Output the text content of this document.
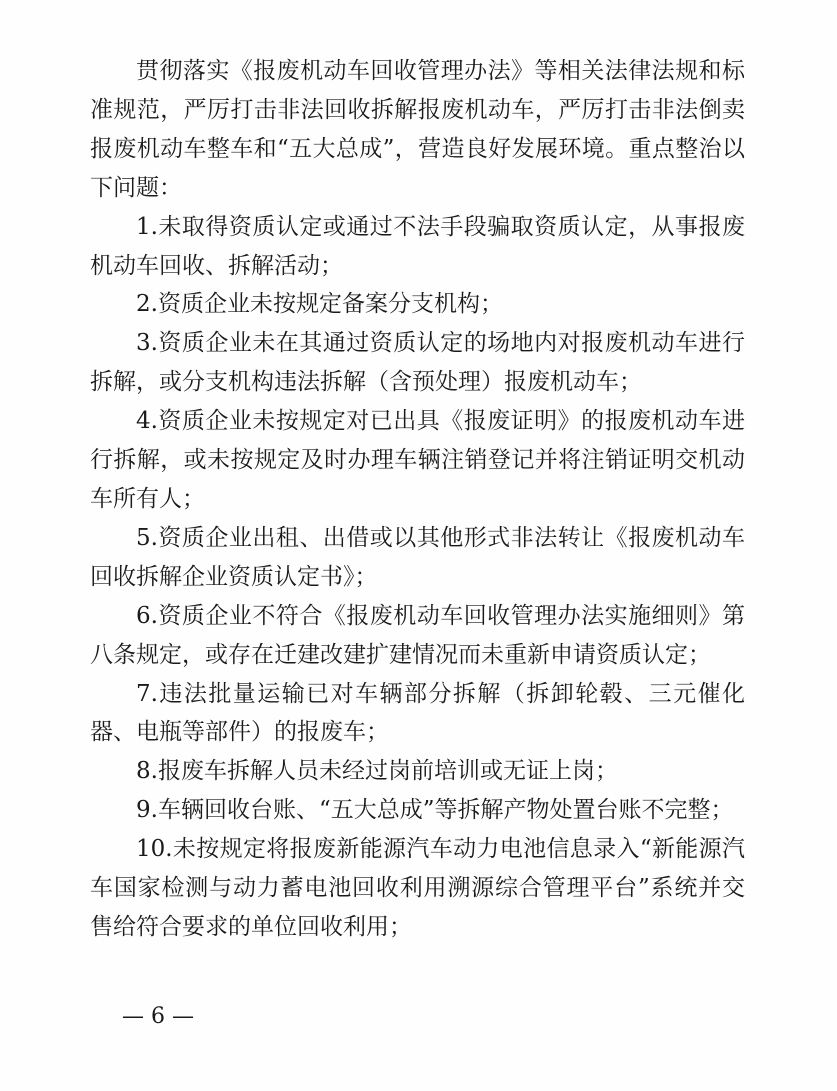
贯彻落实《报废机动车回收管理办法》等相关法律法规和标准规范，严厉打击非法回收拆解报废机动车，严厉打击非法倒卖报废机动车整车和“五大总成”，营造良好发展环境。重点整治以下问题：

1.未取得资质认定或通过不法手段骗取资质认定，从事报废机动车回收、拆解活动；

2.资质企业未按规定备案分支机构；

3.资质企业未在其通过资质认定的场地内对报废机动车进行拆解，或分支机构违法拆解（含预处理）报废机动车；

4.资质企业未按规定对已出具《报废证明》的报废机动车进行拆解，或未按规定及时办理车辆注销登记并将注销证明交机动车所有人；

5.资质企业出租、出借或以其他形式非法转让《报废机动车回收拆解企业资质认定书》；

6.资质企业不符合《报废机动车回收管理办法实施细则》第八条规定，或存在迁建改建扩建情况而未重新申请资质认定；

7.违法批量运输已对车辆部分拆解（拆卸轮毂、三元催化器、电瓶等部件）的报废车；

8.报废车拆解人员未经过岗前培训或无证上岗；

9.车辆回收台账、“五大总成”等拆解产物处置台账不完整；

10.未按规定将报废新能源汽车动力电池信息录入“新能源汽车国家检测与动力蓄电池回收利用溯源综合管理平台”系统并交售给符合要求的单位回收利用；

— 6 —
